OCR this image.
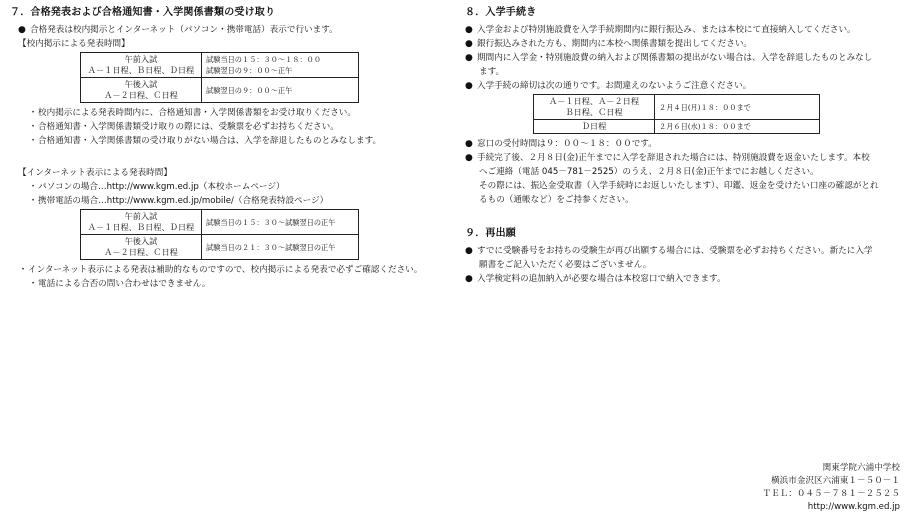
７．合格発表および合格通知書・入学関係書類の受け取り
● 合格発表は校内掲示とインターネット（パソコン・携帯電話）表示で行います。
【校内掲示による発表時間】
午前入試
Ａ－１日程、Ｂ日程、Ｄ日程	試験当日の１５：３０～１８：００
試験翌日の９：００～正午
午後入試
Ａ－２日程、Ｃ日程	試験翌日の９：００～正午
・校内掲示による発表時間内に、合格通知書・入学関係書類をお受け取りください。
・合格通知書・入学関係書類受け取りの際には、受験票を必ずお持ちください。
・合格通知書・入学関係書類の受け取りがない場合は、入学を辞退したものとみなします。
【インターネット表示による発表時間】
・パソコンの場合…http://www.kgm.ed.jp（本校ホームページ）
・携帯電話の場合…http://www.kgm.ed.jp/mobile/（合格発表特設ページ）
午前入試
Ａ－１日程、Ｂ日程、Ｄ日程	試験当日の１５：３０～試験翌日の正午
午後入試
Ａ－２日程、Ｃ日程	試験当日の２１：３０～試験翌日の正午
・インターネット表示による発表は補助的なものですので、校内掲示による発表で必ずご確認ください。
・電話による合否の問い合わせはできません。
８．入学手続き
● 入学金および特別施設費を入学手続期間内に銀行振込み、または本校にて直接納入してください。
● 銀行振込みされた方も、期間内に本校へ関係書類を提出してください。
● 期間内に入学金・特別施設費の納入および関係書類の提出がない場合は、入学を辞退したものとみなし
ます。
● 入学手続の締切は次の通りです。お間違えのないようご注意ください。
Ａ－１日程、Ａ－２日程
Ｂ日程、Ｃ日程	２月４日(月)１８：００まで
Ｄ日程	２月６日(水)１８：００まで
● 窓口の受付時間は９：００～１８：００です。
● 手続完了後、２月８日(金)正午までに入学を辞退された場合には、特別施設費を返金いたします。本校
へご連絡（電話 045－781－2525）のうえ、２月８日(金)正午までにお越しください。
その際には、振込金受取書（入学手続時にお返しいたします）、印鑑、返金を受けたい口座の確認がとれ
るもの（通帳など）をご持参ください。
９．再出願
● すでに受験番号をお持ちの受験生が再び出願する場合には、受験票を必ずお持ちください。新たに入学
願書をご記入いただく必要はございません。
● 入学検定料の追加納入が必要な場合は本校窓口で納入できます。
関東学院六浦中学校
横浜市金沢区六浦東１－５０－１
ＴＥＬ：０４５－７８１－２５２５
http://www.kgm.ed.jp
